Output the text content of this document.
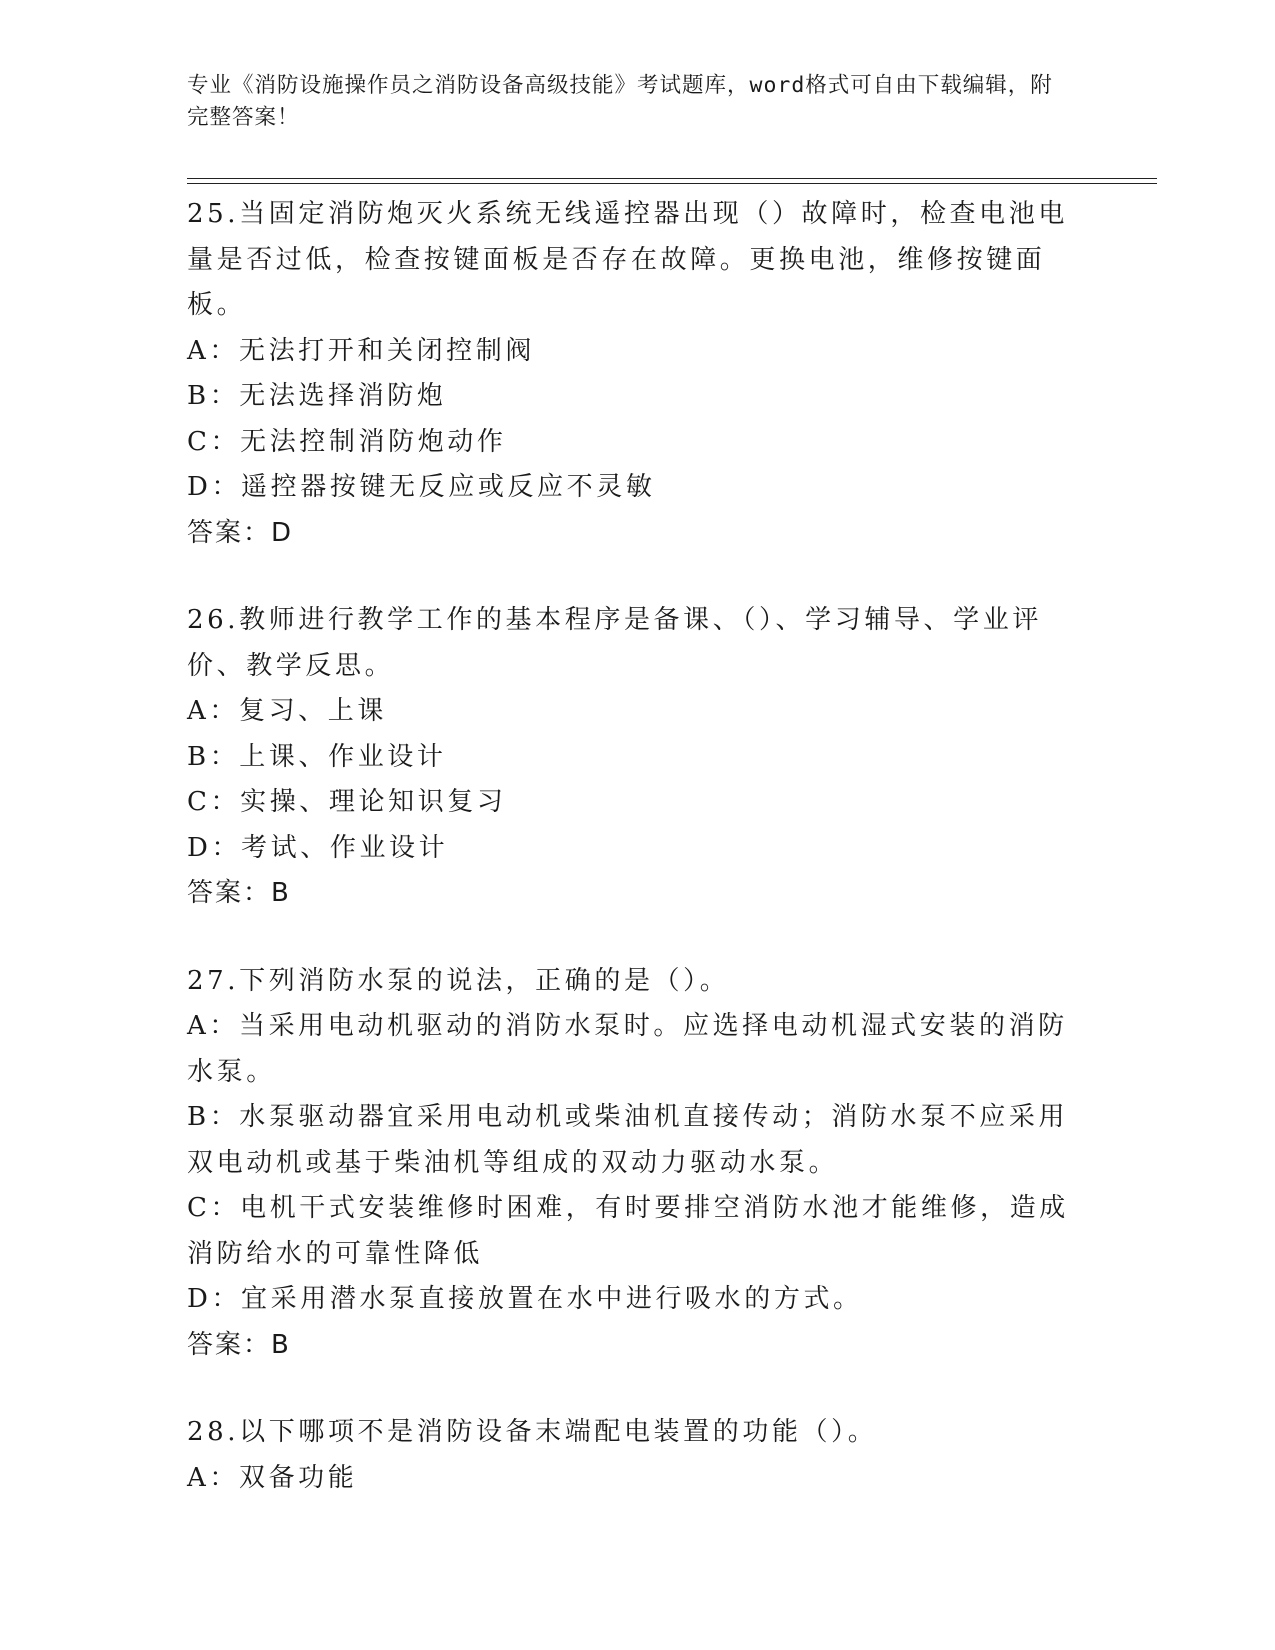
专业《消防设施操作员之消防设备高级技能》考试题库，word格式可自由下载编辑，附完整答案！

25.当固定消防炮灭火系统无线遥控器出现（）故障时，检查电池电量是否过低，检查按键面板是否存在故障。更换电池，维修按键面板。

A：无法打开和关闭控制阀

B：无法选择消防炮

C：无法控制消防炮动作

D：遥控器按键无反应或反应不灵敏

答案：D

26.教师进行教学工作的基本程序是备课、（）、学习辅导、学业评价、教学反思。

A：复习、上课

B：上课、作业设计

C：实操、理论知识复习

D：考试、作业设计

答案：B

27.下列消防水泵的说法，正确的是（）。

A：当采用电动机驱动的消防水泵时。应选择电动机湿式安装的消防水泵。

B：水泵驱动器宜采用电动机或柴油机直接传动；消防水泵不应采用双电动机或基于柴油机等组成的双动力驱动水泵。

C：电机干式安装维修时困难，有时要排空消防水池才能维修，造成消防给水的可靠性降低

D：宜采用潜水泵直接放置在水中进行吸水的方式。

答案：B

28.以下哪项不是消防设备末端配电装置的功能（）。

A：双备功能
